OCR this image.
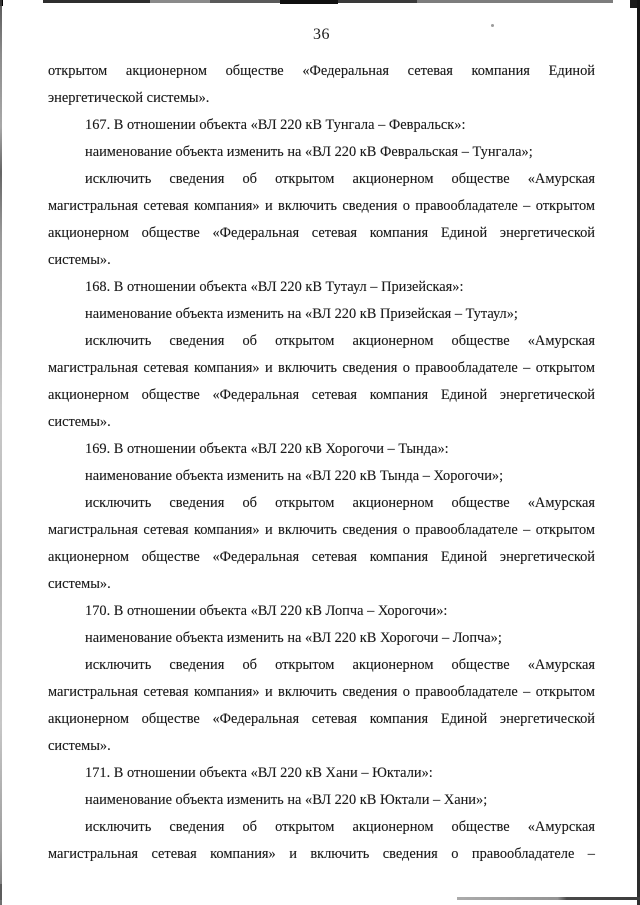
36

открытом акционерном обществе «Федеральная сетевая компания Единой энергетической системы».

167. В отношении объекта «ВЛ 220 кВ Тунгала – Февральск»:

наименование объекта изменить на «ВЛ 220 кВ Февральская – Тунгала»;

исключить сведения об открытом акционерном обществе «Амурская магистральная сетевая компания» и включить сведения о правообладателе – открытом акционерном обществе «Федеральная сетевая компания Единой энергетической системы».

168. В отношении объекта «ВЛ 220 кВ Тутаул – Призейская»:

наименование объекта изменить на «ВЛ 220 кВ Призейская – Тутаул»;

исключить сведения об открытом акционерном обществе «Амурская магистральная сетевая компания» и включить сведения о правообладателе – открытом акционерном обществе «Федеральная сетевая компания Единой энергетической системы».

169. В отношении объекта «ВЛ 220 кВ Хорогочи – Тында»:

наименование объекта изменить на «ВЛ 220 кВ Тында – Хорогочи»;

исключить сведения об открытом акционерном обществе «Амурская магистральная сетевая компания» и включить сведения о правообладателе – открытом акционерном обществе «Федеральная сетевая компания Единой энергетической системы».

170. В отношении объекта «ВЛ 220 кВ Лопча – Хорогочи»:

наименование объекта изменить на «ВЛ 220 кВ Хорогочи – Лопча»;

исключить сведения об открытом акционерном обществе «Амурская магистральная сетевая компания» и включить сведения о правообладателе – открытом акционерном обществе «Федеральная сетевая компания Единой энергетической системы».

171. В отношении объекта «ВЛ 220 кВ Хани – Юктали»:

наименование объекта изменить на «ВЛ 220 кВ Юктали – Хани»;

исключить сведения об открытом акционерном обществе «Амурская магистральная сетевая компания» и включить сведения о правообладателе –
